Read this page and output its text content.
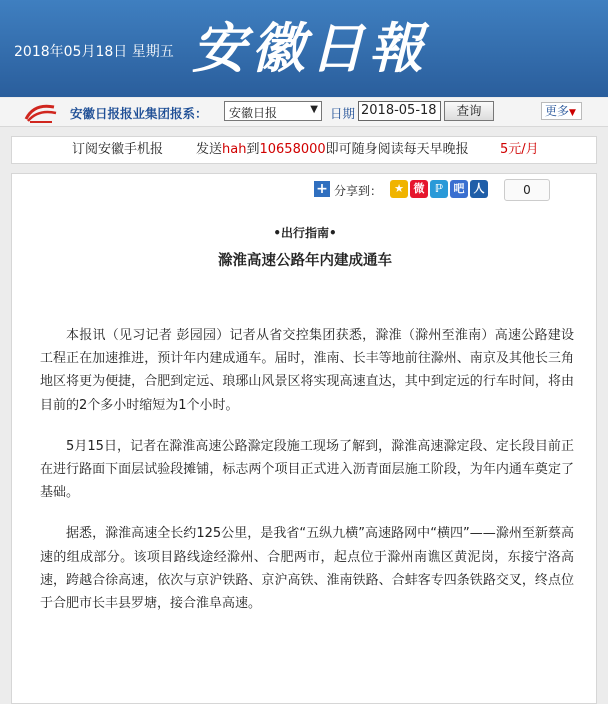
2018年05月18日 星期五 安徽日報
安徽日报报业集团报系： 安徽日报	▼ 日期 2018-05-18	查询	更多▼
订阅安徽手机报	发送hah到10658000即可随身阅读每天早晚报 5元/月
+ 分享到：	★ 微 ℙ 吧 人	0
•出行指南•
滁淮高速公路年内建成通车

本报讯（见习记者 彭园园）记者从省交控集团获悉，滁淮（滁州至淮南）高速公路建设工程正在加速推进，预计年内建成通车。届时，淮南、长丰等地前往滁州、南京及其他长三角地区将更为便捷，合肥到定远、琅琊山风景区将实现高速直达，其中到定远的行车时间，将由目前的2个多小时缩短为1个小时。

5月15日，记者在滁淮高速公路滁定段施工现场了解到，滁淮高速滁定段、定长段目前正在进行路面下面层试验段摊铺，标志两个项目正式进入沥青面层施工阶段，为年内通车奠定了基础。

据悉，滁淮高速全长约125公里，是我省“五纵九横”高速路网中“横四”——滁州至新蔡高速的组成部分。该项目路线途经滁州、合肥两市，起点位于滁州南谯区黄泥岗，东接宁洛高速，跨越合徐高速，依次与京沪铁路、京沪高铁、淮南铁路、合蚌客专四条铁路交叉，终点位于合肥市长丰县罗塘，接合淮阜高速。
